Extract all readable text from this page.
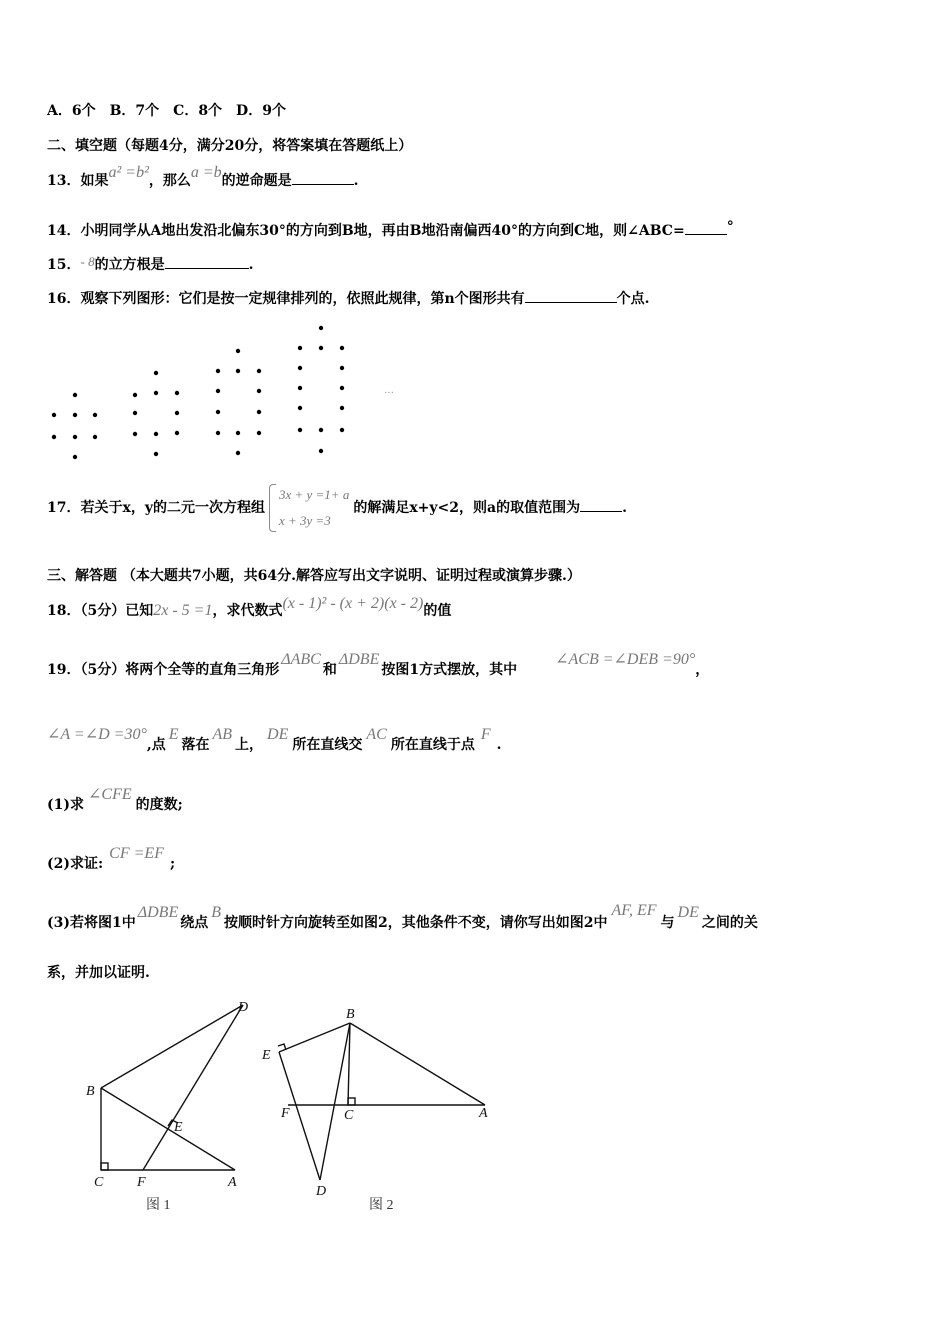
A．6个　B．7个　C．8个　D．9个
二、填空题（每题4分，满分20分，将答案填在答题纸上）
13．如果a² =b²，那么a =b的逆命题是	.
14．小明同学从A地出发沿北偏东30°的方向到B地，再由B地沿南偏西40°的方向到C地，则∠ABC=	°
15．- 8的立方根是	.
16．观察下列图形：它们是按一定规律排列的，依照此规律，第n个图形共有	个点.
…
17．若关于x，y的二元一次方程组
3x + y =1+ a
x + 3y =3
的解满足x+y<2，则a的取值范围为	.
三、解答题 （本大题共7小题，共64分.解答应写出文字说明、证明过程或演算步骤.）
18．（5分）已知2x - 5 =1，求代数式(x - 1)² - (x + 2)(x - 2)的值
19．（5分）将两个全等的直角三角形ΔABC和ΔDBE按图1方式摆放，其中∠ACB =∠DEB =90°，
∠A =∠D =30°,点E落在AB上，DE所在直线交AC所在直线于点F.
(1)求∠CFE的度数;
(2)求证:CF =EF;
(3)若将图1中ΔDBE绕点B按顺时针方向旋转至如图2，其他条件不变，请你写出如图2中AF, EF与DE之间的关
系，并加以证明.
D
B
E
C F	A
图 1
B
E
F	C	A
D
图 2
